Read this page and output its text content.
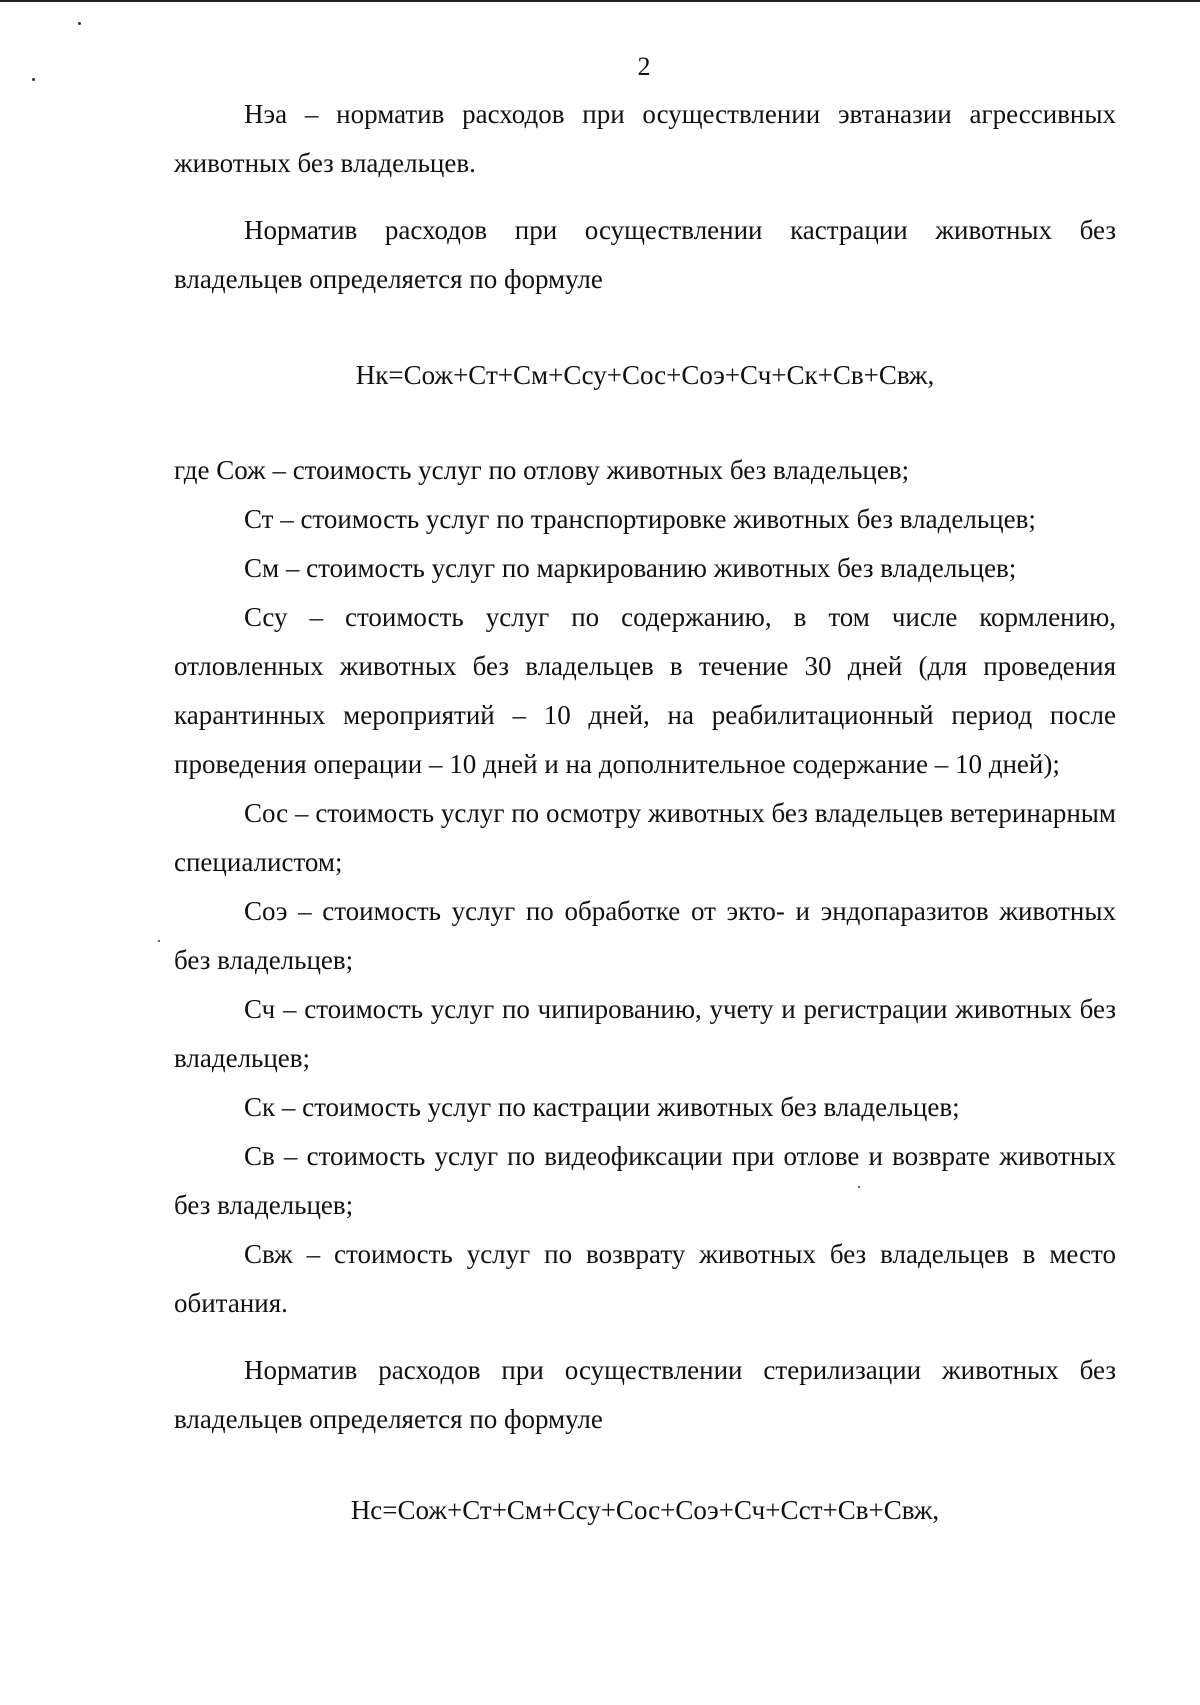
2

Нэа – норматив расходов при осуществлении эвтаназии агрессивных животных без владельцев.

Норматив расходов при осуществлении кастрации животных без владельцев определяется по формуле

Нк=Сож+Ст+См+Ссу+Сос+Соэ+Сч+Ск+Св+Свж,

где Сож – стоимость услуг по отлову животных без владельцев;

Ст – стоимость услуг по транспортировке животных без владельцев;

См – стоимость услуг по маркированию животных без владельцев;

Ссу – стоимость услуг по содержанию, в том числе кормлению, отловленных животных без владельцев в течение 30 дней (для проведения карантинных мероприятий – 10 дней, на реабилитационный период после проведения операции – 10 дней и на дополнительное содержание – 10 дней);

Сос – стоимость услуг по осмотру животных без владельцев ветеринарным специалистом;

Соэ – стоимость услуг по обработке от экто- и эндопаразитов животных без владельцев;

Сч – стоимость услуг по чипированию, учету и регистрации животных без владельцев;

Ск – стоимость услуг по кастрации животных без владельцев;

Св – стоимость услуг по видеофиксации при отлове и возврате животных без владельцев;

Свж – стоимость услуг по возврату животных без владельцев в место обитания.

Норматив расходов при осуществлении стерилизации животных без владельцев определяется по формуле

Нс=Сож+Ст+См+Ссу+Сос+Соэ+Сч+Сст+Св+Свж,
